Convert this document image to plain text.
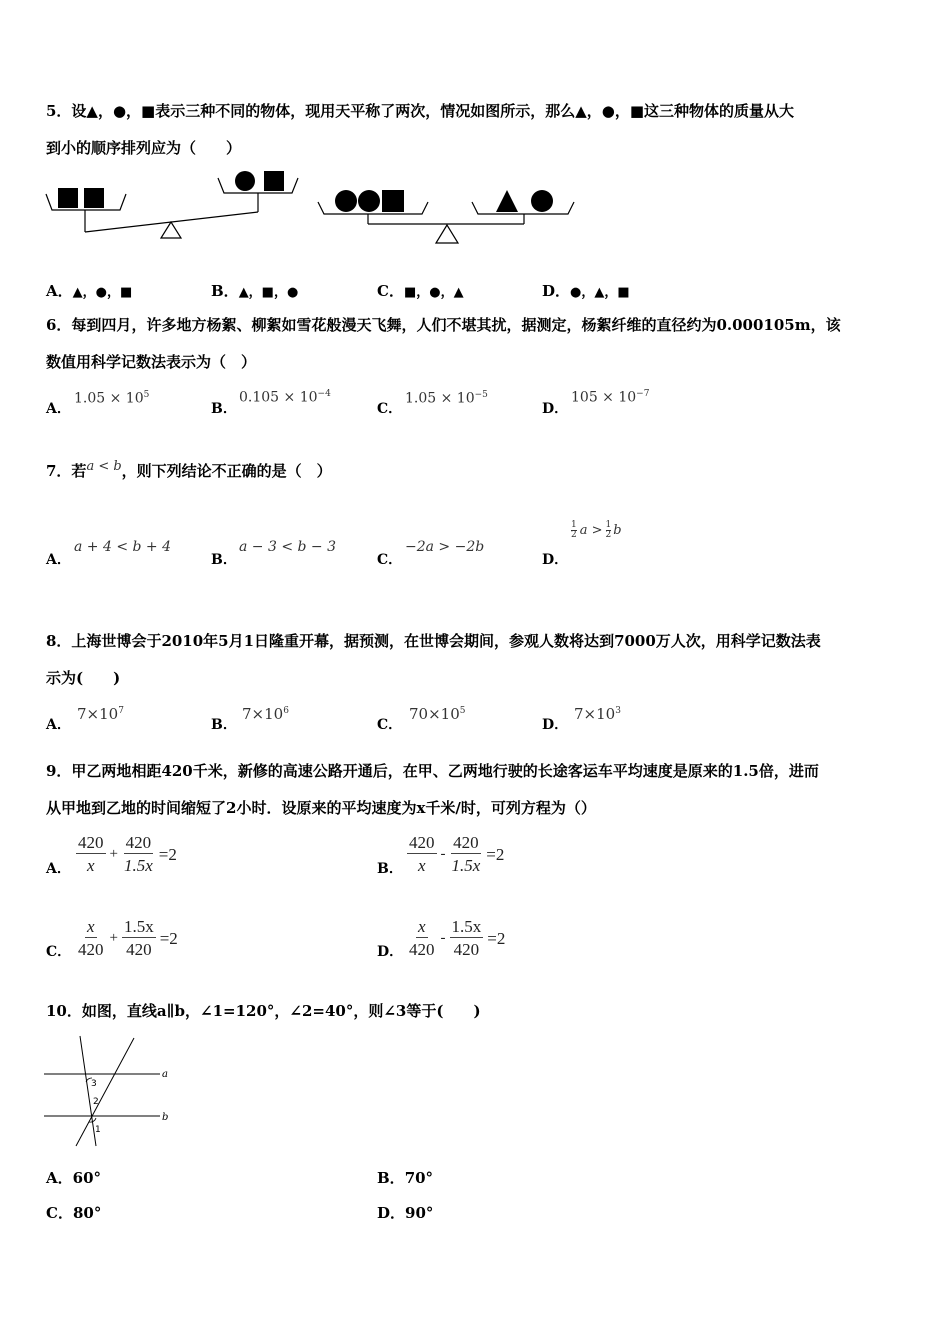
5．设▲，●，■表示三种不同的物体，现用天平称了两次，情况如图所示，那么▲，●，■这三种物体的质量从大
到小的顺序排列应为（　　）
A．▲，●，■	B．▲，■，●	C．■，●，▲	D．●，▲，■
6．每到四月，许多地方杨絮、柳絮如雪花般漫天飞舞，人们不堪其扰，据测定，杨絮纤维的直径约为0.000105m，该
数值用科学记数法表示为（　）
A．
$1.05 \times 10^5$
B．
$0.105 \times 10^{-4}$
C．
$1.05 \times 10^{-5}$
D．
$105 \times 10^{-7}$
7．若a < b，则下列结论不正确的是（　）
A．
a + 4 < b + 4
B．
a − 3 < b − 3
C．
−2a > −2b
D．
1
2 a > 1
2 b
8．上海世博会于2010年5月1日隆重开幕，据预测，在世博会期间，参观人数将达到7000万人次，用科学记数法表
示为(　　)
A．
$7\times 10^7$
B．
$7\times 10^6$
C．
$70\times 10^5$
D．
$7\times 10^3$
9．甲乙两地相距420千米，新修的高速公路开通后，在甲、乙两地行驶的长途客运车平均速度是原来的1.5倍，进而
从甲地到乙地的时间缩短了2小时．设原来的平均速度为x千米/时，可列方程为（）
A． $\frac{420}{x} + \frac{420}{1.5x} =2$
B． $\frac{420}{x} - \frac{420}{1.5x} =2$
C． $\frac{x}{420} + \frac{1.5x}{420} =2$
D． $\frac{x}{420} - \frac{1.5x}{420} =2$
10．如图，直线a∥b，∠1=120°，∠2=40°，则∠3等于(　　)
3
2
1
a
b
A．60°	B．70°
C．80°	D．90°
